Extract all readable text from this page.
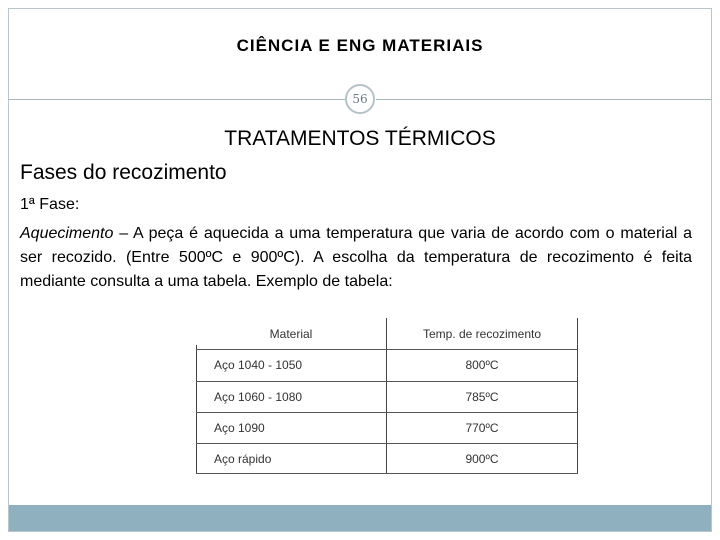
CIÊNCIA E ENG MATERIAIS
56
TRATAMENTOS TÉRMICOS
Fases do recozimento
1ª Fase:
Aquecimento – A peça é aquecida a uma temperatura que varia de acordo com o material a ser recozido. (Entre 500ºC e 900ºC). A escolha da temperatura de recozimento é feita mediante consulta a uma tabela. Exemplo de tabela:
Material	Temp. de recozimento
Aço 1040 - 1050	800ºC
Aço 1060 - 1080	785ºC
Aço 1090	770ºC
Aço rápido	900ºC
